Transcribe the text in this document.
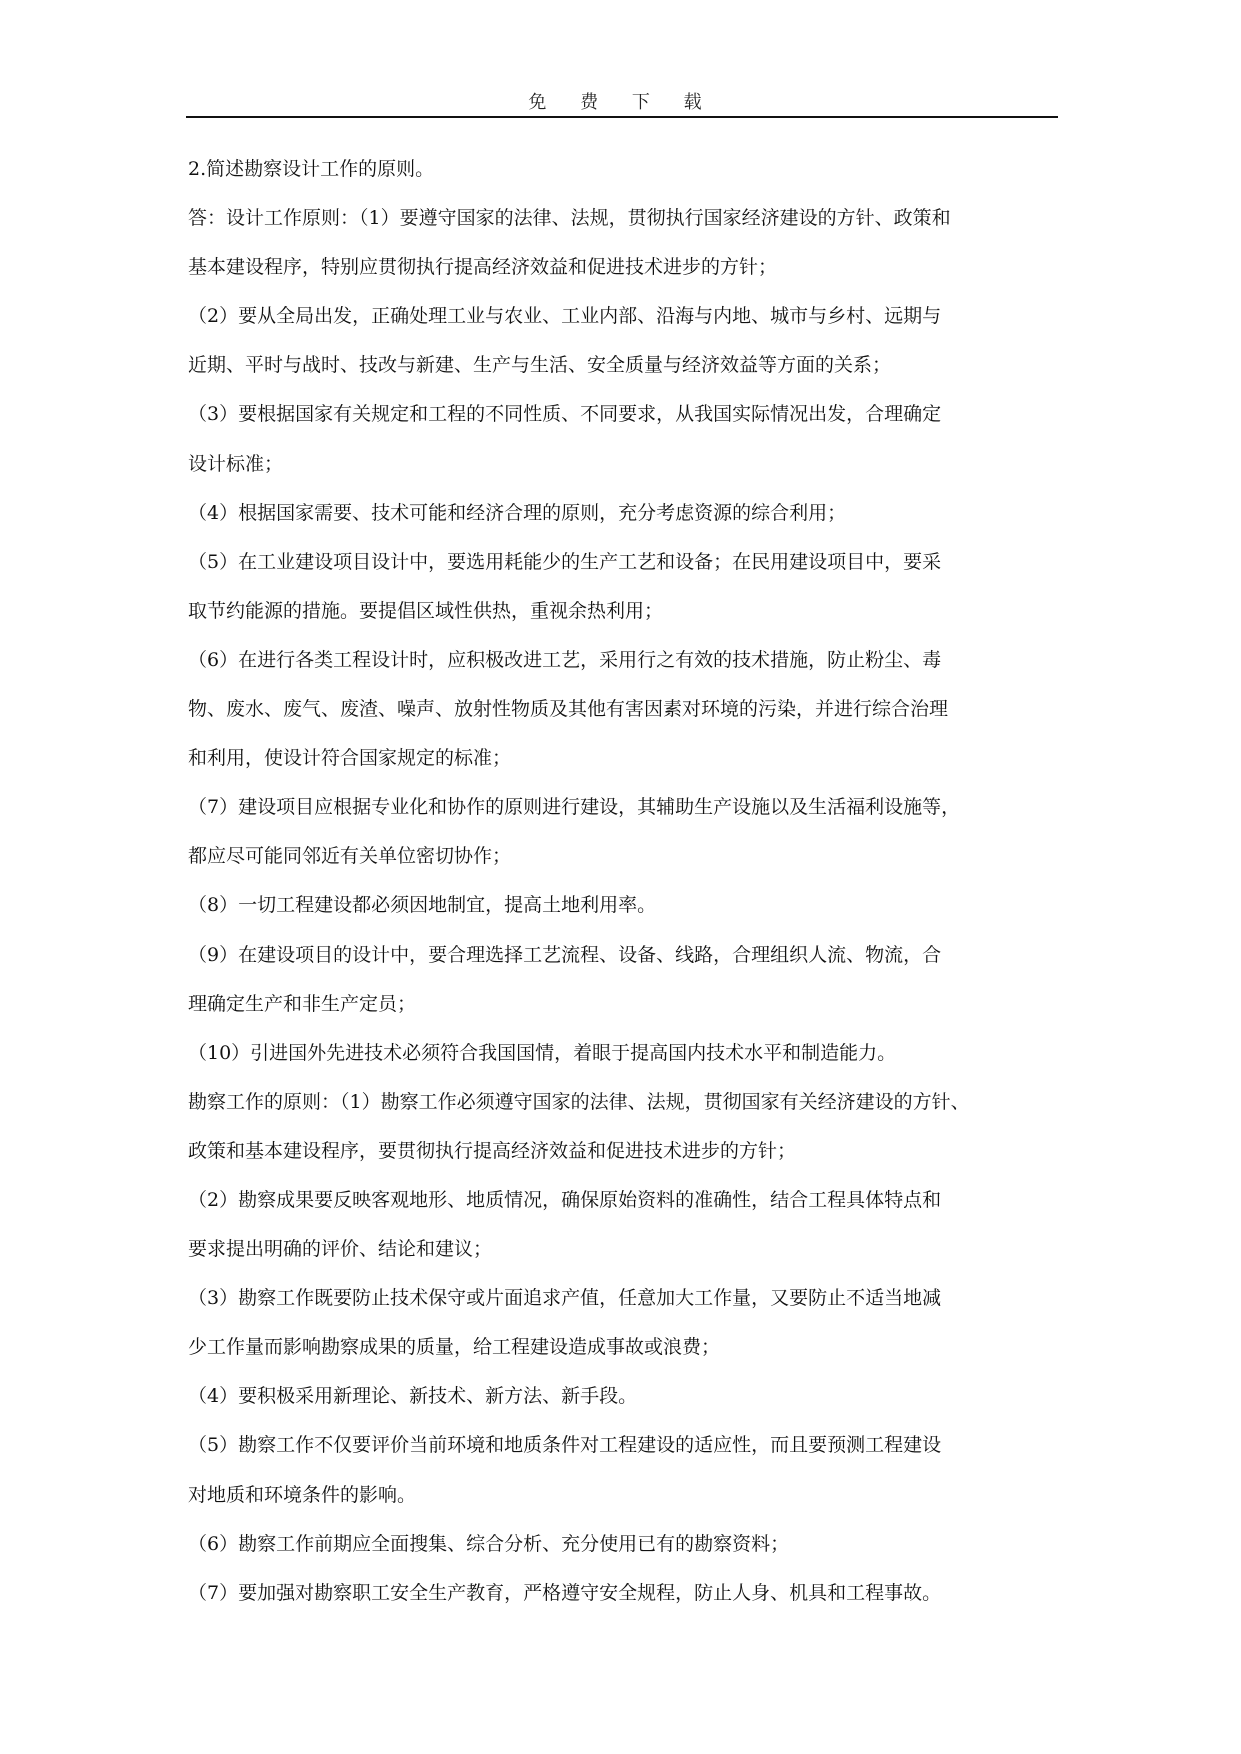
免 费 下 载
2.简述勘察设计工作的原则。
答：设计工作原则：（1）要遵守国家的法律、法规，贯彻执行国家经济建设的方针、政策和
基本建设程序，特别应贯彻执行提高经济效益和促进技术进步的方针；
（2）要从全局出发，正确处理工业与农业、工业内部、沿海与内地、城市与乡村、远期与
近期、平时与战时、技改与新建、生产与生活、安全质量与经济效益等方面的关系；
（3）要根据国家有关规定和工程的不同性质、不同要求，从我国实际情况出发，合理确定
设计标准；
（4）根据国家需要、技术可能和经济合理的原则，充分考虑资源的综合利用；
（5）在工业建设项目设计中，要选用耗能少的生产工艺和设备；在民用建设项目中，要采
取节约能源的措施。要提倡区域性供热，重视余热利用；
（6）在进行各类工程设计时，应积极改进工艺，采用行之有效的技术措施，防止粉尘、毒
物、废水、废气、废渣、噪声、放射性物质及其他有害因素对环境的污染，并进行综合治理
和利用，使设计符合国家规定的标准；
（7）建设项目应根据专业化和协作的原则进行建设，其辅助生产设施以及生活福利设施等，
都应尽可能同邻近有关单位密切协作；
（8）一切工程建设都必须因地制宜，提高土地利用率。
（9）在建设项目的设计中，要合理选择工艺流程、设备、线路，合理组织人流、物流，合
理确定生产和非生产定员；
（10）引进国外先进技术必须符合我国国情，着眼于提高国内技术水平和制造能力。
勘察工作的原则：（1）勘察工作必须遵守国家的法律、法规，贯彻国家有关经济建设的方针、
政策和基本建设程序，要贯彻执行提高经济效益和促进技术进步的方针；
（2）勘察成果要反映客观地形、地质情况，确保原始资料的准确性，结合工程具体特点和
要求提出明确的评价、结论和建议；
（3）勘察工作既要防止技术保守或片面追求产值，任意加大工作量，又要防止不适当地减
少工作量而影响勘察成果的质量，给工程建设造成事故或浪费；
（4）要积极采用新理论、新技术、新方法、新手段。
（5）勘察工作不仅要评价当前环境和地质条件对工程建设的适应性，而且要预测工程建设
对地质和环境条件的影响。
（6）勘察工作前期应全面搜集、综合分析、充分使用已有的勘察资料；
（7）要加强对勘察职工安全生产教育，严格遵守安全规程，防止人身、机具和工程事故。
